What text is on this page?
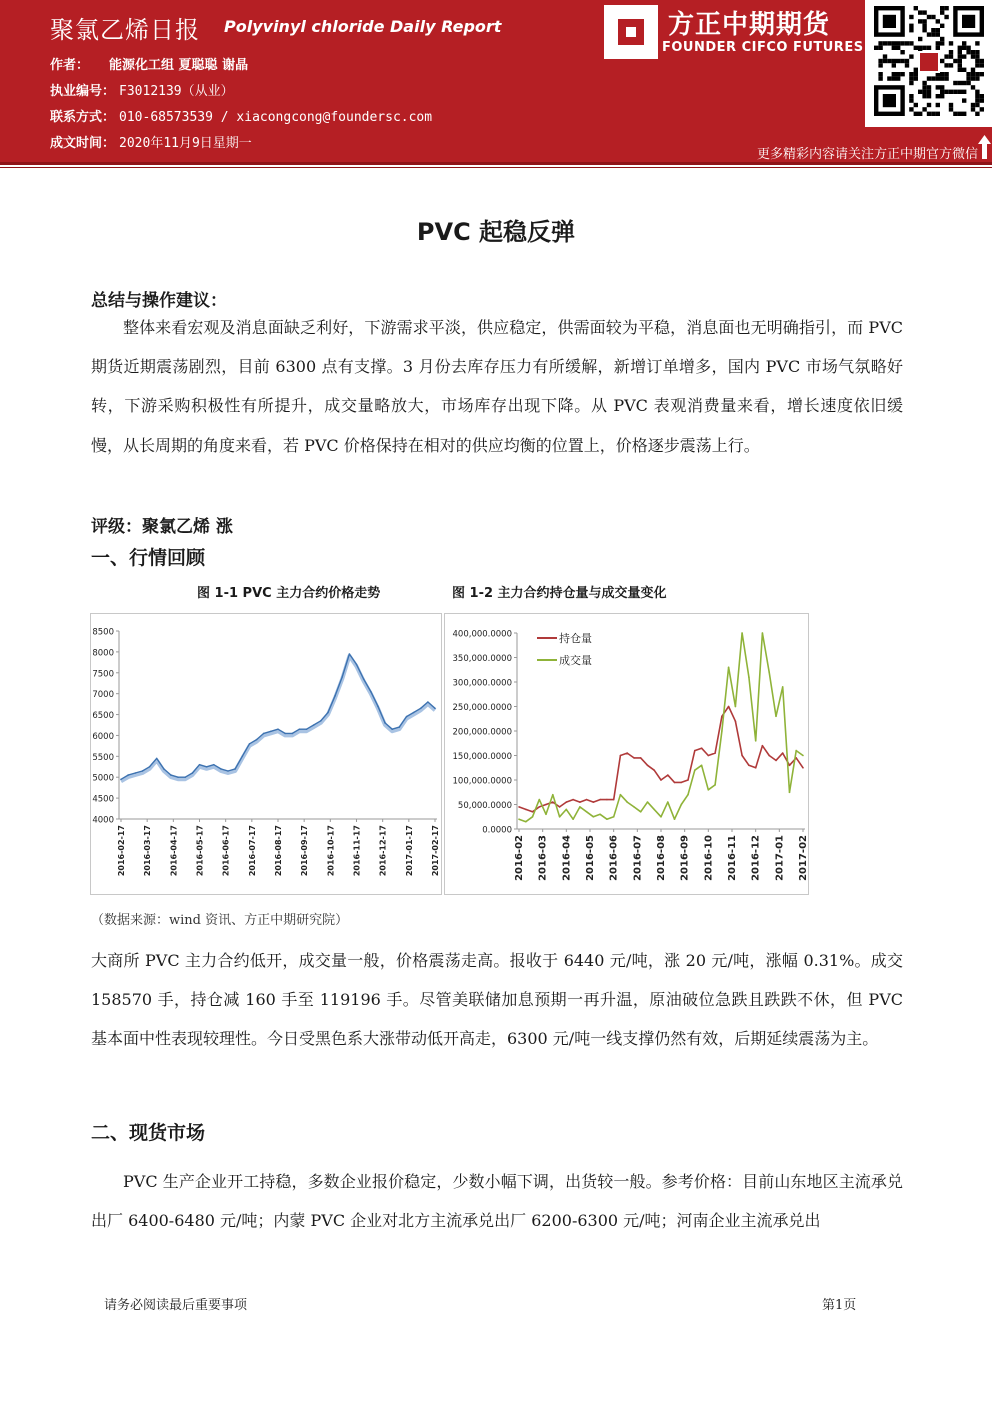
聚氯乙烯日报 Polyvinyl chloride Daily Report
作者： 能源化工组 夏聪聪 谢晶
执业编号： F3012139（从业）
联系方式： 010-68573539 / xiacongcong@foundersc.com
成文时间： 2020年11月9日星期一
方正中期期货
FOUNDER CIFCO FUTURES
更多精彩内容请关注方正中期官方微信
PVC 起稳反弹
总结与操作建议：
整体来看宏观及消息面缺乏利好，下游需求平淡，供应稳定，供需面较为平稳，消息面也无明确指引，而 PVC 期货近期震荡剧烈，目前 6300 点有支撑。3 月份去库存压力有所缓解，新增订单增多，国内 PVC 市场气氛略好转，下游采购积极性有所提升，成交量略放大，市场库存出现下降。从 PVC 表观消费量来看，增长速度依旧缓慢，从长周期的角度来看，若 PVC 价格保持在相对的供应均衡的位置上，价格逐步震荡上行。
评级：聚氯乙烯 涨
一、行情回顾
图 1-1 PVC 主力合约价格走势	图 1-2 主力合约持仓量与成交量变化
8500
8000
7500
7000
6500
6000
5500
5000
4500
4000
2016-02-17 2016-03-17 2016-04-17 2016-05-17 2016-06-17 2016-07-17 2016-08-17 2016-09-17 2016-10-17 2016-11-17 2016-12-17 2017-01-17 2017-02-17
400,000.0000
350,000.0000
300,000.0000
250,000.0000
200,000.0000
150,000.0000
100,000.0000
50,000.0000
0.0000
2016-02 2016-03 2016-04 2016-05 2016-06 2016-07 2016-08 2016-09 2016-10 2016-11 2016-12 2017-01 2017-02
持仓量
成交量
（数据来源：wind 资讯、方正中期研究院）
大商所 PVC 主力合约低开，成交量一般，价格震荡走高。报收于 6440 元/吨，涨 20 元/吨，涨幅 0.31%。成交 158570 手，持仓减 160 手至 119196 手。尽管美联储加息预期一再升温，原油破位急跌且跌跌不休，但 PVC 基本面中性表现较理性。今日受黑色系大涨带动低开高走，6300 元/吨一线支撑仍然有效，后期延续震荡为主。
二、现货市场
PVC 生产企业开工持稳，多数企业报价稳定，少数小幅下调，出货较一般。参考价格：目前山东地区主流承兑出厂 6400-6480 元/吨；内蒙 PVC 企业对北方主流承兑出厂 6200-6300 元/吨；河南企业主流承兑出
请务必阅读最后重要事项	第1页
